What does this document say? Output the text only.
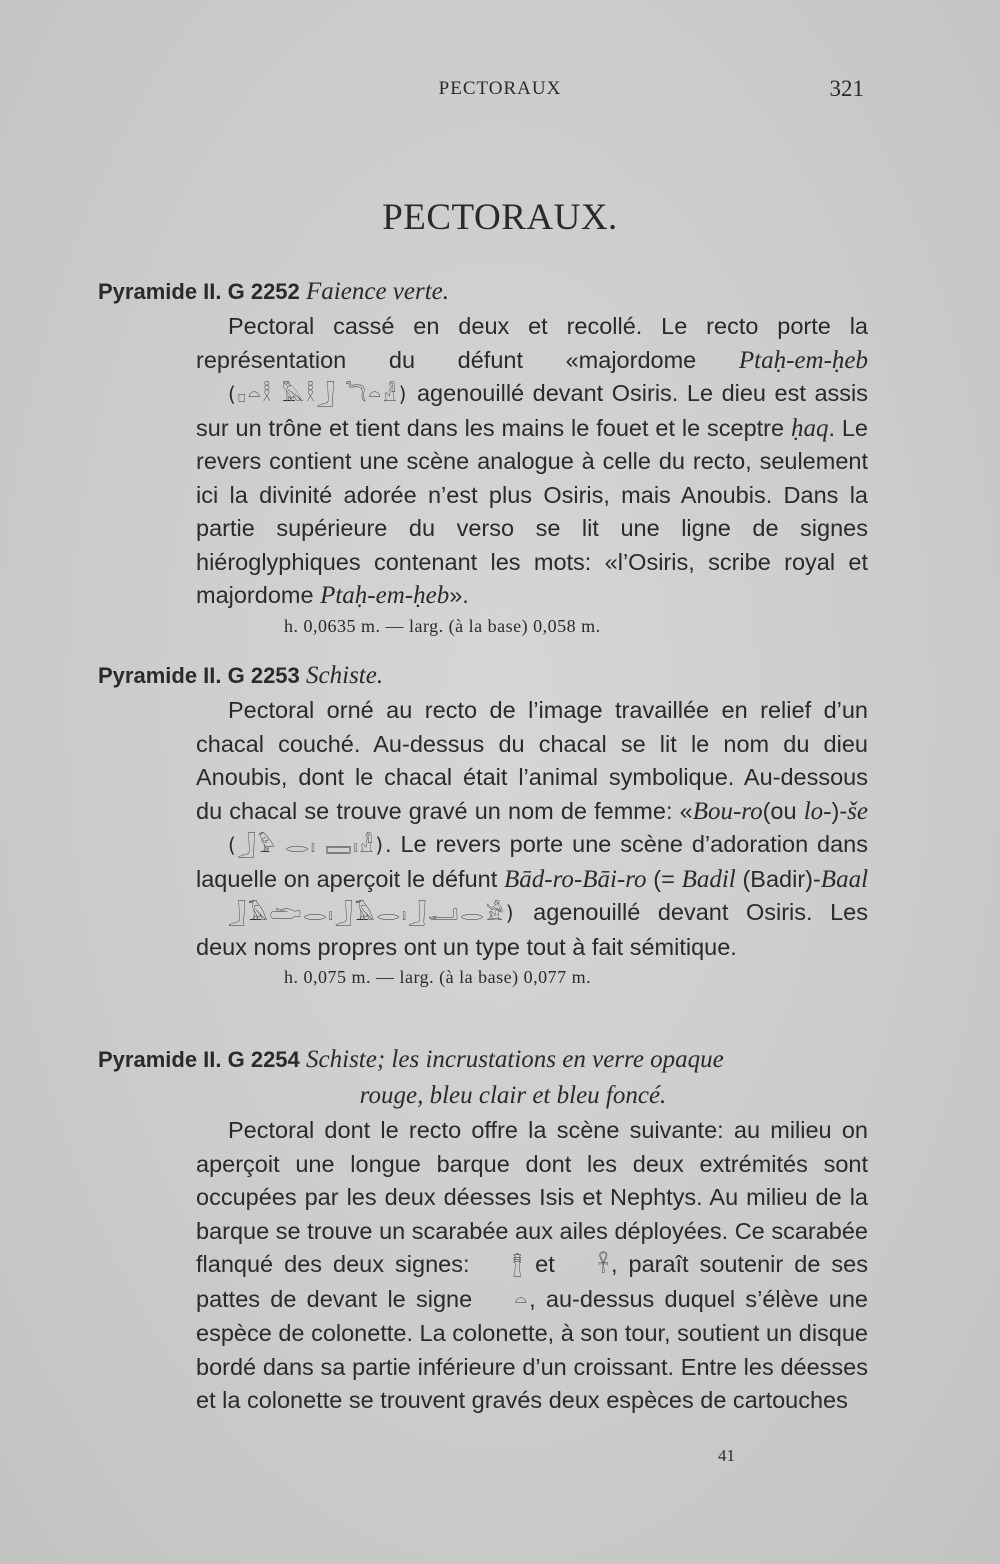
PECTORAUX	321
PECTORAUX.
Pyramide II. G 2252 Faience verte.

Pectoral cassé en deux et recollé. Le recto porte la représentation du défunt «majordome Ptaḥ-em-ḥeb (𓊪𓏏𓎛 𓅓𓎛𓃀 𓆓𓏏𓁐) agenouillé devant Osiris. Le dieu est assis sur un trône et tient dans les mains le fouet et le sceptre ḥaq. Le revers contient une scène analogue à celle du recto, seulement ici la divinité adorée n’est plus Osiris, mais Anoubis. Dans la partie supérieure du verso se lit une ligne de signes hiéroglyphiques contenant les mots: «l’Osiris, scribe royal et majordome Ptaḥ-em-ḥeb».

h. 0,0635 m. — larg. (à la base) 0,058 m.
Pyramide II. G 2253 Schiste.

Pectoral orné au recto de l’image travaillée en relief d’un chacal couché. Au-dessus du chacal se lit le nom du dieu Anoubis, dont le chacal était l’animal symbolique. Au-dessous du chacal se trouve gravé un nom de femme: «Bou-ro(ou lo-)-še (𓃀𓅱 𓂋𓏤 𓈙𓏤𓁐). Le revers porte une scène d’adoration dans laquelle on aperçoit le défunt Bād-ro-Bāi-ro (= Badil (Badir)-Baal 𓃀𓄿𓂧𓂋𓏤𓃀𓄿𓂋𓏤𓃀𓂝𓂋𓀀) agenouillé devant Osiris. Les deux noms propres ont un type tout à fait sémitique.

h. 0,075 m. — larg. (à la base) 0,077 m.
Pyramide II. G 2254 Schiste; les incrustations en verre opaque
rouge, bleu clair et bleu foncé.

Pectoral dont le recto offre la scène suivante: au milieu on aperçoit une longue barque dont les deux extrémités sont occupées par les deux déesses Isis et Nephtys. Au milieu de la barque se trouve un scarabée aux ailes déployées. Ce scarabée flanqué des deux signes: 𓊽 et 𓋹, paraît soutenir de ses pattes de devant le signe 𓏏, au-dessus duquel s’élève une espèce de colonette. La colonette, à son tour, soutient un disque bordé dans sa partie inférieure d’un croissant. Entre les déesses et la colonette se trouvent gravés deux espèces de cartouches

41
